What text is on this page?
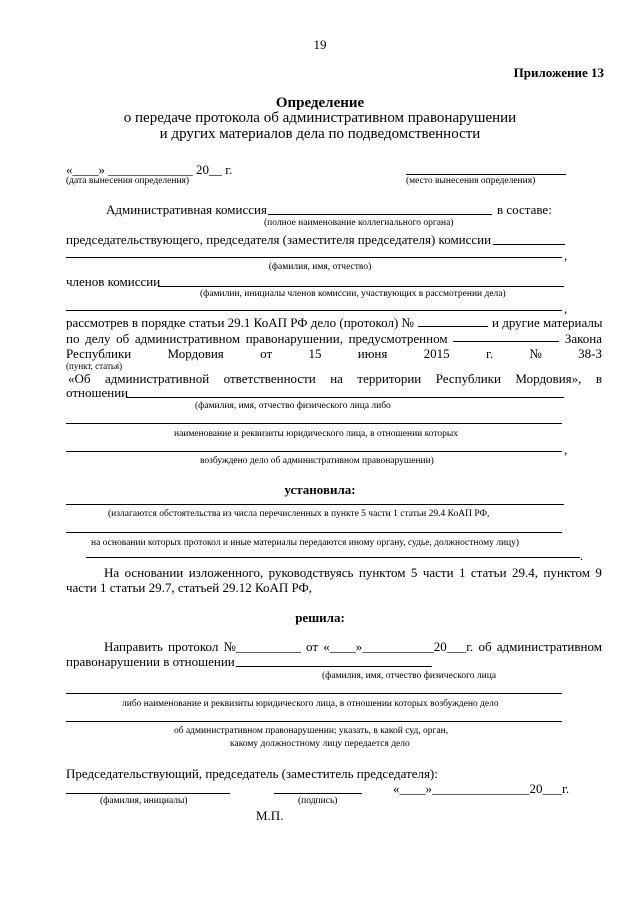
19
Приложение 13
Определение
о передаче протокола об административном правонарушении
и других материалов дела по подведомственности
«____» _____________ 20__ г.
(дата вынесения определения)	(место вынесения определения)
Административная комиссия	в составе:
(полное наименование коллегиального органа)
председательствующего, председателя (заместителя председателя) комиссии
,
(фамилия, имя, отчество)
членов комиссии
(фамилии, инициалы членов комиссии, участвующих в рассмотрении дела)
,
рассмотрев в порядке статьи 29.1 КоАП РФ дело (протокол) №	и другие материалы
по делу об административном правонарушении, предусмотренном	Закона
Республики	Мордовия	от	15	июня	2015	г.	№	38-З
(пункт, статья)
«Об административной ответственности на территории Республики Мордовия», в
отношении
(фамилия, имя, отчество физического лица либо
наименование и реквизиты юридического лица, в отношении которых
,
возбуждено дело об административном правонарушении)
установила:
(излагаются обстоятельства из числа перечисленных в пункте 5 части 1 статьи 29.4 КоАП РФ,
на основании которых протокол и иные материалы передаются иному органу, судье, должностному лицу)
.
На основании изложенного, руководствуясь пунктом 5 части 1 статьи 29.4, пунктом 9
части 1 статьи 29.7, статьей 29.12 КоАП РФ,
решила:
Направить протокол №__________ от «____»___________20___г. об административном
правонарушении в отношении
(фамилия, имя, отчество физического лица
либо наименование и реквизиты юридического лица, в отношении которых возбуждено дело
об административном правонарушении; указать, в какой суд, орган,
какому должностному лицу передается дело
Председательствующий, председатель (заместитель председателя):
«____»_______________20___г.
(фамилия, инициалы)	(подпись)
М.П.
